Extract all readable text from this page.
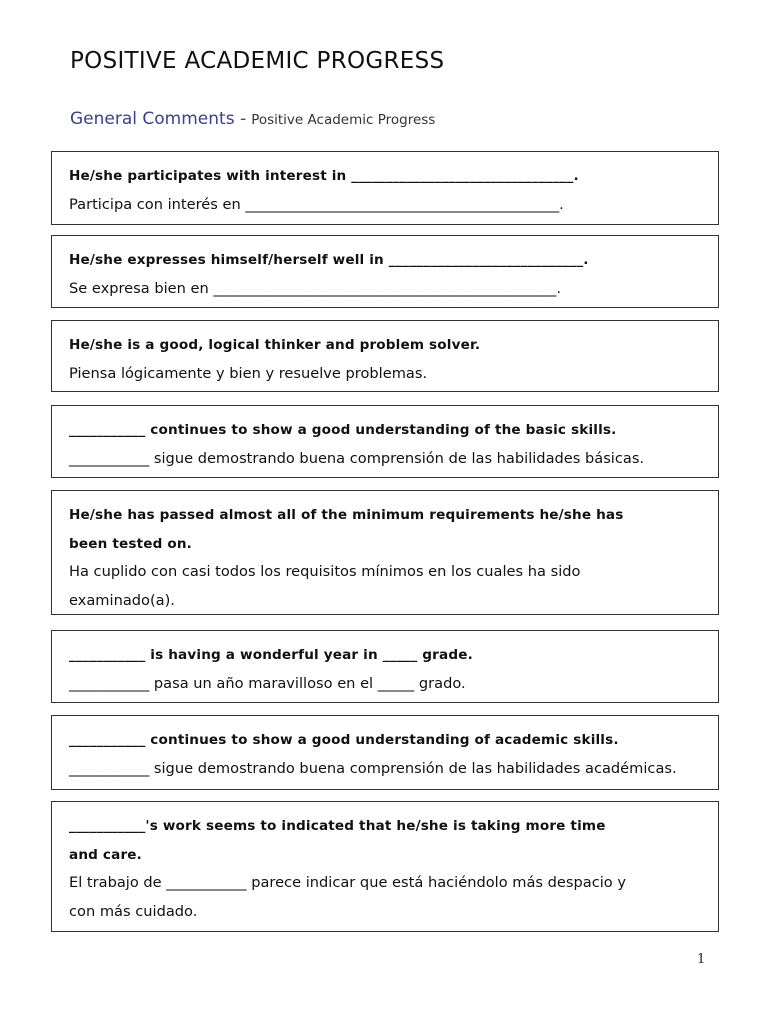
POSITIVE ACADEMIC PROGRESS
General Comments - Positive Academic Progress
He/she participates with interest in ________________________________.
Participa con interés en ___________________________________________.
He/she expresses himself/herself well in ____________________________.
Se expresa bien en _______________________________________________.
He/she is a good, logical thinker and problem solver.
Piensa lógicamente y bien y resuelve problemas.
___________ continues to show a good understanding of the basic skills.
___________ sigue demostrando buena comprensión de las habilidades básicas.
He/she has passed almost all of the minimum requirements he/she has
been tested on.
Ha cuplido con casi todos los requisitos mínimos en los cuales ha sido
examinado(a).
___________ is having a wonderful year in _____ grade.
___________ pasa un año maravilloso en el _____ grado.
___________ continues to show a good understanding of academic skills.
___________ sigue demostrando buena comprensión de las habilidades académicas.
___________'s work seems to indicated that he/she is taking more time
and care.
El trabajo de ___________ parece indicar que está haciéndolo más despacio y
con más cuidado.
1
